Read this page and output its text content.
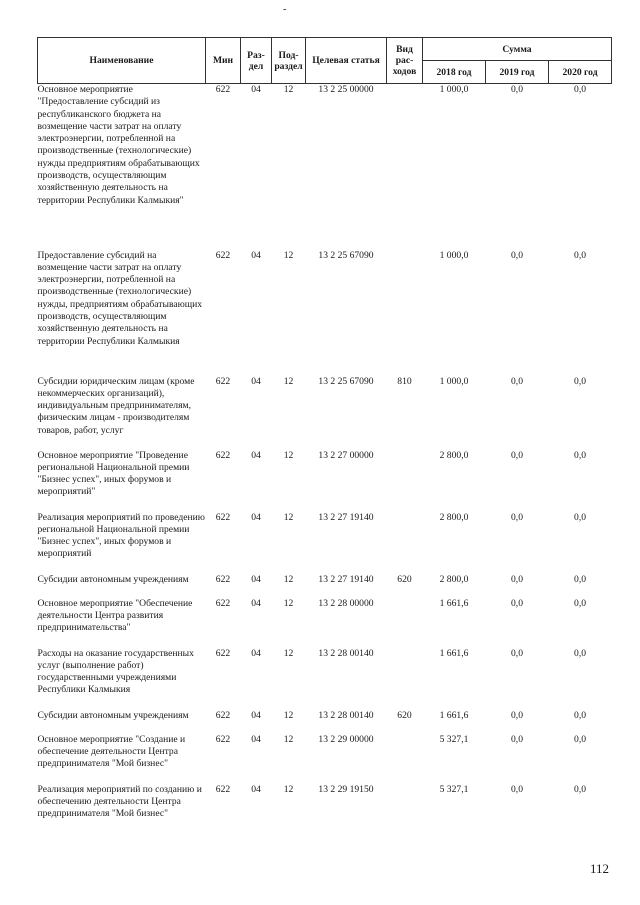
-
Наименование	Мин	Раз-дел	Под-раздел	Целевая статья	Вид рас-ходов	Сумма		
						2018 год	2019 год	2020 год
Основное мероприятие "Предоставление субсидий из республиканского бюджета на возмещение части затрат на оплату электроэнергии, потребленной на производственные (технологические) нужды предприятиям обрабатывающих производств, осуществляющим хозяйственную деятельность на территории Республики Калмыкия"	622	04	12	13 2 25 00000		1 000,0	0,0	0,0
Предоставление субсидий на возмещение части затрат на оплату электроэнергии, потребленной на производственные (технологические) нужды, предприятиям обрабатывающих производств, осуществляющим хозяйственную деятельность на территории Республики Калмыкия	622	04	12	13 2 25 67090		1 000,0	0,0	0,0
Субсидии юридическим лицам (кроме некоммерческих организаций), индивидуальным предпринимателям, физическим лицам - производителям товаров, работ, услуг	622	04	12	13 2 25 67090	810	1 000,0	0,0	0,0
Основное мероприятие "Проведение региональной Национальной премии "Бизнес успех", иных форумов и мероприятий"	622	04	12	13 2 27 00000		2 800,0	0,0	0,0
Реализация мероприятий по проведению региональной Национальной премии "Бизнес успех", иных форумов и мероприятий	622	04	12	13 2 27 19140		2 800,0	0,0	0,0
Субсидии автономным учреждениям	622	04	12	13 2 27 19140	620	2 800,0	0,0	0,0
Основное мероприятие "Обеспечение деятельности Центра развития предпринимательства"	622	04	12	13 2 28 00000		1 661,6	0,0	0,0
Расходы на оказание государственных услуг (выполнение работ) государственными учреждениями Республики Калмыкия	622	04	12	13 2 28 00140		1 661,6	0,0	0,0
Субсидии автономным учреждениям	622	04	12	13 2 28 00140	620	1 661,6	0,0	0,0
Основное мероприятие "Создание и обеспечение деятельности Центра предпринимателя "Мой бизнес"	622	04	12	13 2 29 00000		5 327,1	0,0	0,0
Реализация мероприятий по созданию и обеспечению деятельности Центра предпринимателя "Мой бизнес"	622	04	12	13 2 29 19150		5 327,1	0,0	0,0
112
